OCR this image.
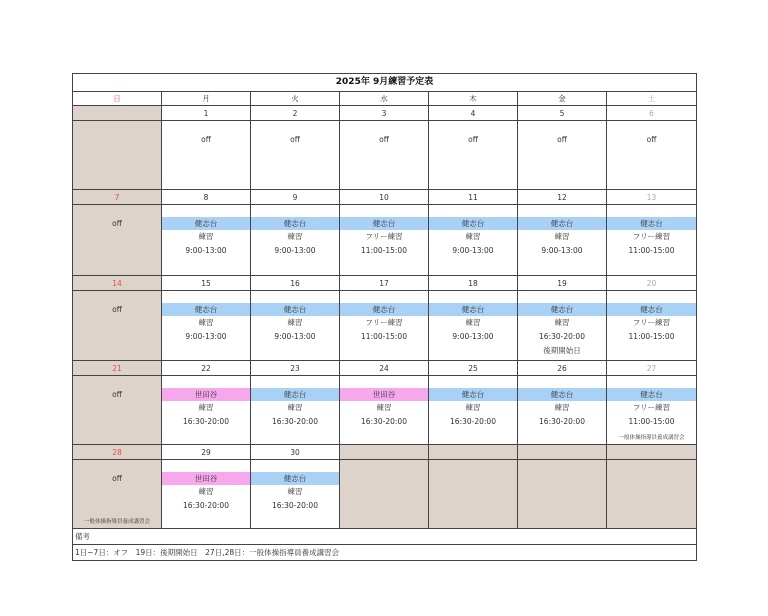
2025年 9月練習予定表						
日	月	火	水	木	金	土
	1	2	3	4	5	6

	off	off	off	off	off	off

7	8	9	10	11	12	13

off	健志台
練習
9:00-13:00	健志台
練習
9:00-13:00	健志台
フリー練習
11:00-15:00	健志台
練習
9:00-13:00	健志台
練習
9:00-13:00	健志台
フリー練習
11:00-15:00

14	15	16	17	18	19	20

off	健志台
練習
9:00-13:00	健志台
練習
9:00-13:00	健志台
フリー練習
11:00-15:00	健志台
練習
9:00-13:00	健志台
練習
16:30-20:00
後期開始日	健志台
フリー練習
11:00-15:00

21	22	23	24	25	26	27

off	世田谷
練習
16:30-20:00	健志台
練習
16:30-20:00	世田谷
練習
16:30-20:00	健志台
練習
16:30-20:00	健志台
練習
16:30-20:00	健志台
フリー練習
11:00-15:00
一般体操指導員養成講習会

28	29	30				

off
一般体操指導員養成講習会	世田谷
練習
16:30-20:00	健志台
練習
16:30-20:00				

備考						
1日~7日：オフ　19日：後期開始日　27日,28日：一般体操指導員養成講習会						
